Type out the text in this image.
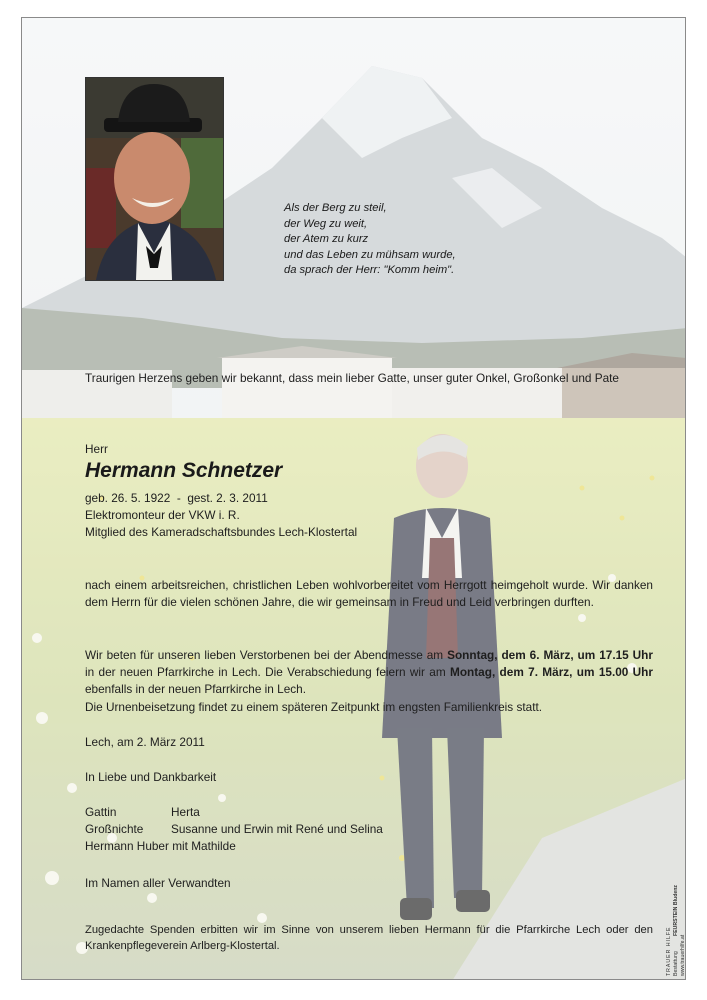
Als der Berg zu steil,
der Weg zu weit,
der Atem zu kurz
und das Leben zu mühsam wurde,
da sprach der Herr: "Komm heim".
Traurigen Herzens geben wir bekannt, dass mein lieber Gatte, unser guter Onkel, Großonkel und Pate
Herr
Hermann Schnetzer
geb. 26. 5. 1922  -  gest. 2. 3. 2011
Elektromonteur der VKW i. R.
Mitglied des Kameradschaftsbundes Lech-Klostertal
nach einem arbeitsreichen, christlichen Leben wohlvorbereitet vom Herrgott heimgeholt wurde. Wir danken dem Herrn für die vielen schönen Jahre, die wir gemeinsam in Freud und Leid verbringen durften.
Wir beten für unseren lieben Verstorbenen bei der Abendmesse am Sonntag, dem 6. März, um 17.15 Uhr in der neuen Pfarrkirche in Lech. Die Verabschiedung feiern wir am Montag, dem 7. März, um 15.00 Uhr ebenfalls in der neuen Pfarrkirche in Lech.
Die Urnenbeisetzung findet zu einem späteren Zeitpunkt im engsten Familienkreis statt.
Lech, am 2. März 2011
In Liebe und Dankbarkeit
Gattin	Herta
Großnichte	Susanne und Erwin mit René und Selina
Hermann Huber mit Mathilde
Im Namen aller Verwandten
Zugedachte Spenden erbitten wir im Sinne von unserem lieben Hermann für die Pfarrkirche Lech oder den Krankenpflegeverein Arlberg-Klostertal.	TRAUER HILFE Bestattung
FEURSTEIN Bludenz
www.trauerhilfe.at
